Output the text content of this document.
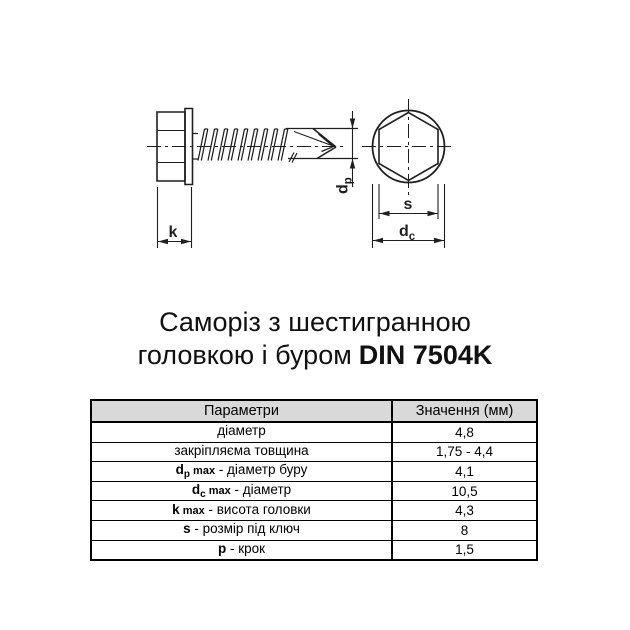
$d_p$
k
s
$d_c$
Саморіз з шестигранною
головкою і буром DIN 7504K
Параметри	Значення (мм)
діаметр	4,8
закріпляєма товщина	1,75 - 4,4
$d_p$ max - діаметр буру	4,1
$d_c$ max - діаметр	10,5
k max - висота головки	4,3
s - розмір під ключ	8
p - крок	1,5
